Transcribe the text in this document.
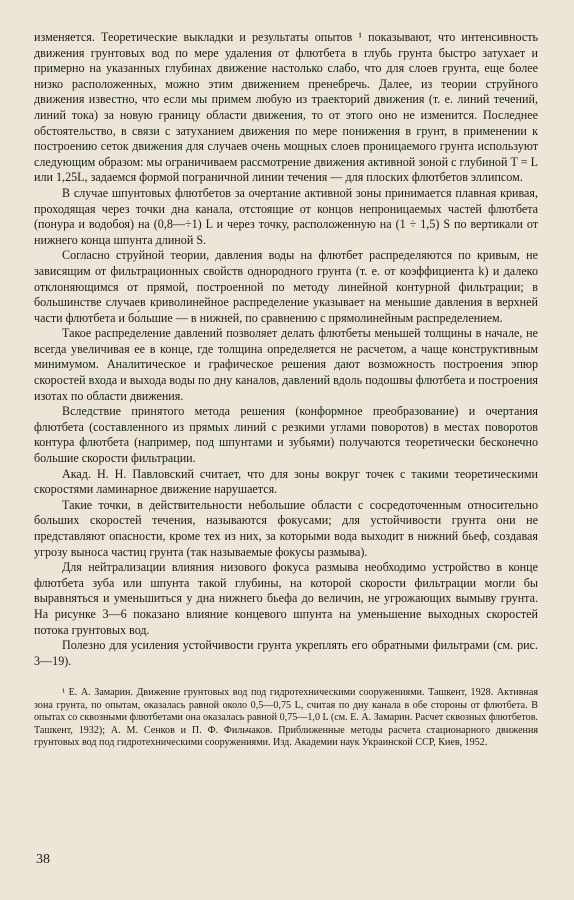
изменяется. Теоретические выкладки и результаты опытов ¹ показывают, что интенсивность движения грунтовых вод по мере удаления от флютбета в глубь грунта быстро затухает и примерно на указанных глубинах движение настолько слабо, что для слоев грунта, еще более низко расположенных, можно этим движением пренебречь. Далее, из теории струйного движения известно, что если мы примем любую из траекторий движения (т. е. линий течений, линий тока) за новую границу области движения, то от этого оно не изменится. Последнее обстоятельство, в связи с затуханием движения по мере понижения в грунт, в применении к построению сеток движения для случаев очень мощных слоев проницаемого грунта используют следующим образом: мы ограничиваем рассмотрение движения активной зоной с глубиной T = L или 1,25L, задаемся формой пограничной линии течения — для плоских флютбетов эллипсом.

В случае шпунтовых флютбетов за очертание активной зоны принимается плавная кривая, проходящая через точки дна канала, отстоящие от концов непроницаемых частей флютбета (понура и водобоя) на (0,8—÷1) L и через точку, расположенную на (1 ÷ 1,5) S по вертикали от нижнего конца шпунта длиной S.

Согласно струйной теории, давления воды на флютбет распределяются по кривым, не зависящим от фильтрационных свойств однородного грунта (т. е. от коэффициента k) и далеко отклоняющимся от прямой, построенной по методу линейной контурной фильтрации; в большинстве случаев криволинейное распределение указывает на меньшие давления в верхней части флютбета и бо́льшие — в нижней, по сравнению с прямолинейным распределением.

Такое распределение давлений позволяет делать флютбеты меньшей толщины в начале, не всегда увеличивая ее в конце, где толщина определяется не расчетом, а чаще конструктивным минимумом. Аналитическое и графическое решения дают возможность построения эпюр скоростей входа и выхода воды по дну каналов, давлений вдоль подошвы флютбета и построения изотах по области движения.

Вследствие принятого метода решения (конформное преобразование) и очертания флютбета (составленного из прямых линий с резкими углами поворотов) в местах поворотов контура флютбета (например, под шпунтами и зубьями) получаются теоретически бесконечно большие скорости фильтрации.

Акад. Н. Н. Павловский считает, что для зоны вокруг точек с такими теоретическими скоростями ламинарное движение нарушается.

Такие точки, в действительности небольшие области с сосредоточенным относительно больших скоростей течения, называются фокусами; для устойчивости грунта они не представляют опасности, кроме тех из них, за которыми вода выходит в нижний бьеф, создавая угрозу выноса частиц грунта (так называемые фокусы размыва).

Для нейтрализации влияния низового фокуса размыва необходимо устройство в конце флютбета зуба или шпунта такой глубины, на которой скорости фильтрации могли бы выравняться и уменьшиться у дна нижнего бьефа до величин, не угрожающих вымыву грунта. На рисунке 3—6 показано влияние концевого шпунта на уменьшение выходных скоростей потока грунтовых вод.

Полезно для усиления устойчивости грунта укреплять его обратными фильтрами (см. рис. 3—19).

¹ Е. А. Замарин. Движение грунтовых вод под гидротехническими сооружениями. Ташкент, 1928. Активная зона грунта, по опытам, оказалась равной около 0,5—0,75 L, считая по дну канала в обе стороны от флютбета. В опытах со сквозными флютбетами она оказалась равной 0,75—1,0 L (см. Е. А. Замарин. Расчет сквозных флютбетов. Ташкент, 1932); А. М. Сенков и П. Ф. Фильчаков. Приближенные методы расчета стационарного движения грунтовых вод под гидротехническими сооружениями. Изд. Академии наук Украинской ССР, Киев, 1952.

38
